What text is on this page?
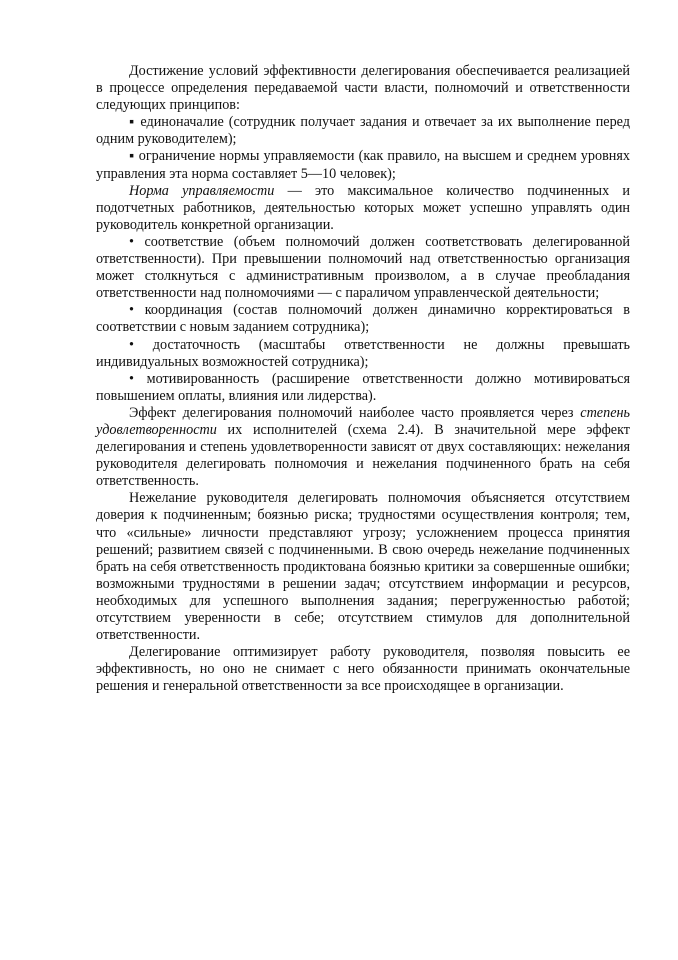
Достижение условий эффективности делегирования обеспечивается реализацией в процессе определения передаваемой части власти, полномочий и ответственности следующих принципов:

▪ единоначалие (сотрудник получает задания и отвечает за их выполнение перед одним руководителем);

▪ ограничение нормы управляемости (как правило, на высшем и среднем уровнях управления эта норма составляет 5—10 человек);

Норма управляемости — это максимальное количество подчиненных и подотчетных работников, деятельностью которых может успешно управлять один руководитель конкретной организации.

• соответствие (объем полномочий должен соответствовать делегированной ответственности). При превышении полномочий над ответственностью организация может столкнуться с административным произволом, а в случае преобладания ответственности над полномочиями — с параличом управленческой деятельности;

• координация (состав полномочий должен динамично корректироваться в соответствии с новым заданием сотрудника);

• достаточность (масштабы ответственности не должны превышать индивидуальных возможностей сотрудника);

• мотивированность (расширение ответственности должно мотивироваться повышением оплаты, влияния или лидерства).

Эффект делегирования полномочий наиболее часто проявляется через степень удовлетворенности их исполнителей (схема 2.4). В значительной мере эффект делегирования и степень удовлетворенности зависят от двух составляющих: нежелания руководителя делегировать полномочия и нежелания подчиненного брать на себя ответственность.

Нежелание руководителя делегировать полномочия объясняется отсутствием доверия к подчиненным; боязнью риска; трудностями осуществления контроля; тем, что «сильные» личности представляют угрозу; усложнением процесса принятия решений; развитием связей с подчиненными. В свою очередь нежелание подчиненных брать на себя ответственность продиктована боязнью критики за совершенные ошибки; возможными трудностями в решении задач; отсутствием информации и ресурсов, необходимых для успешного выполнения задания; перегруженностью работой; отсутствием уверенности в себе; отсутствием стимулов для дополнительной ответственности.

Делегирование оптимизирует работу руководителя, позволяя повысить ее эффективность, но оно не снимает с него обязанности принимать окончательные решения и генеральной ответственности за все происходящее в организации.
